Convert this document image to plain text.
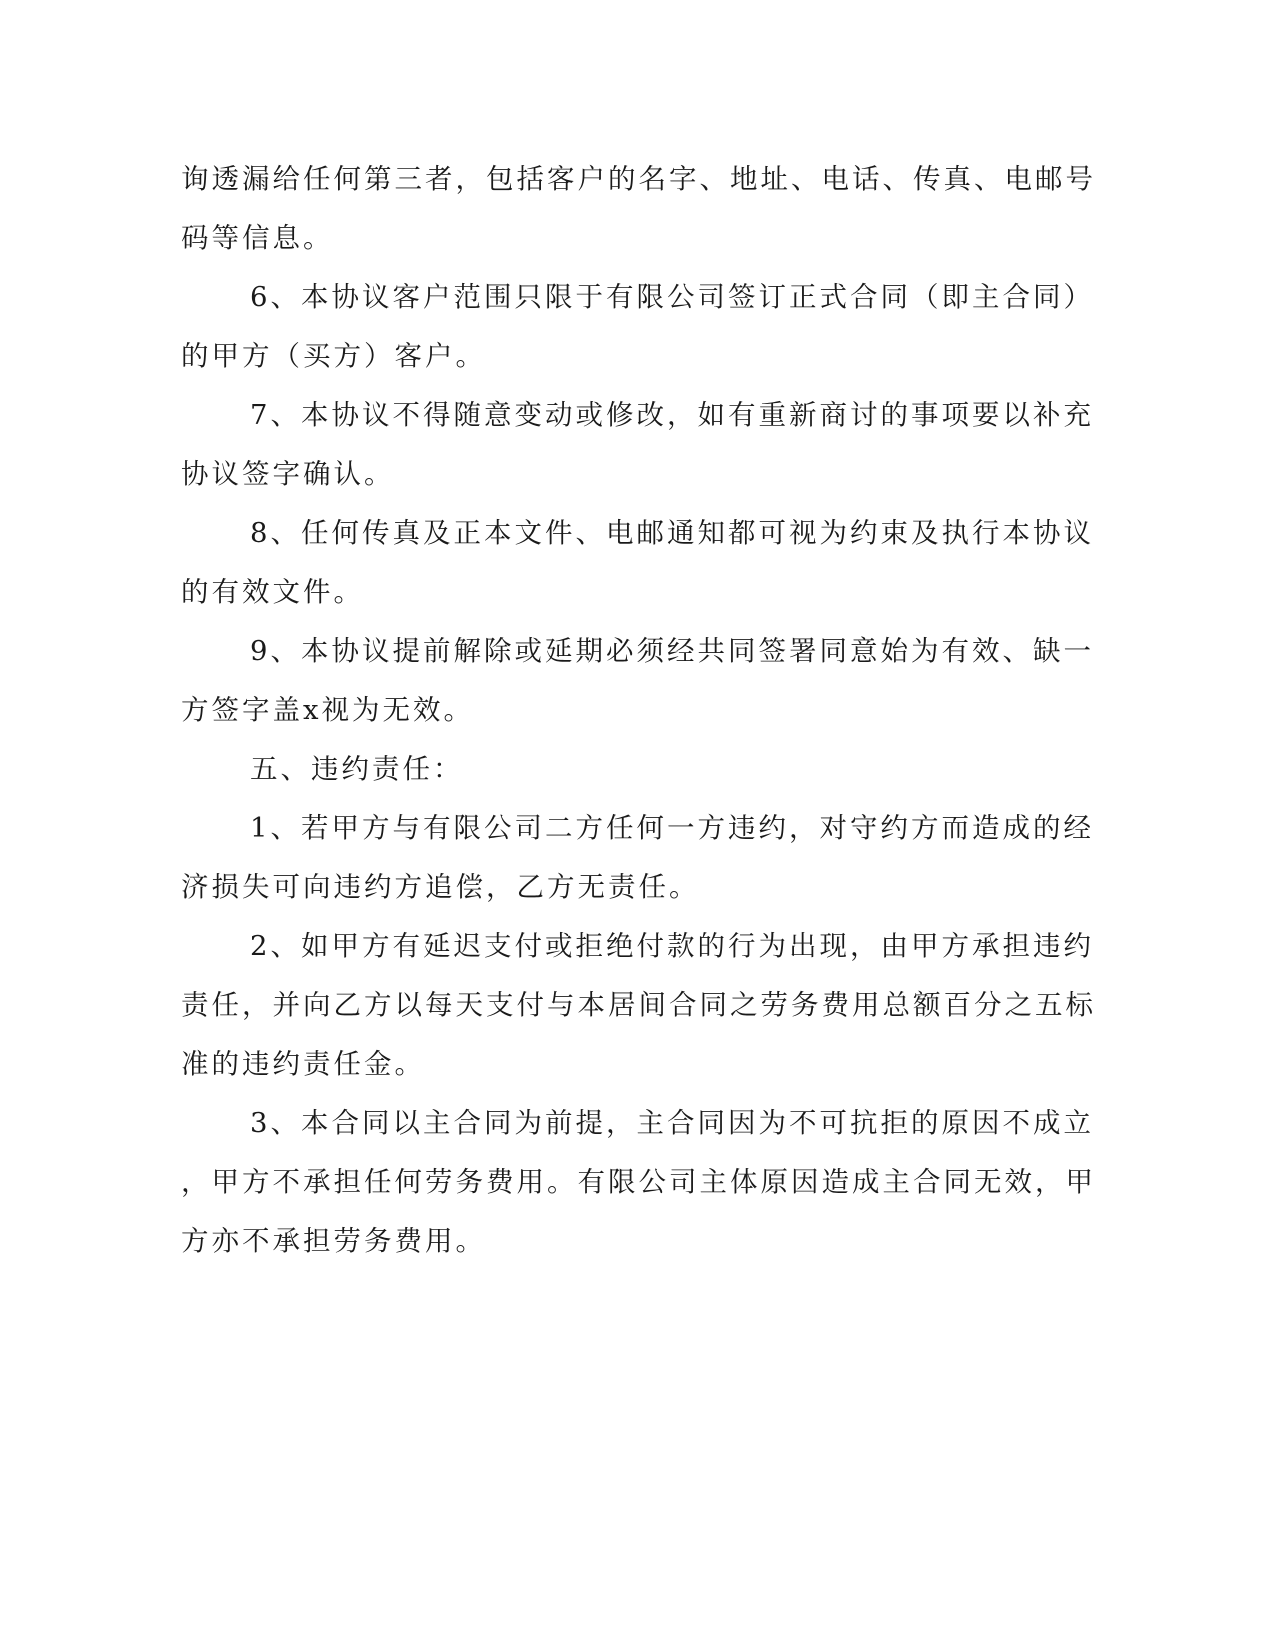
询透漏给任何第三者，包括客户的名字、地址、电话、传真、电邮号
码等信息。
6、本协议客户范围只限于有限公司签订正式合同（即主合同）
的甲方（买方）客户。
7、本协议不得随意变动或修改，如有重新商讨的事项要以补充
协议签字确认。
8、任何传真及正本文件、电邮通知都可视为约束及执行本协议
的有效文件。
9、本协议提前解除或延期必须经共同签署同意始为有效、缺一
方签字盖x视为无效。
五、违约责任：
1、若甲方与有限公司二方任何一方违约，对守约方而造成的经
济损失可向违约方追偿，乙方无责任。
2、如甲方有延迟支付或拒绝付款的行为出现，由甲方承担违约
责任，并向乙方以每天支付与本居间合同之劳务费用总额百分之五标
准的违约责任金。
3、本合同以主合同为前提，主合同因为不可抗拒的原因不成立
，甲方不承担任何劳务费用。有限公司主体原因造成主合同无效，甲
方亦不承担劳务费用。
